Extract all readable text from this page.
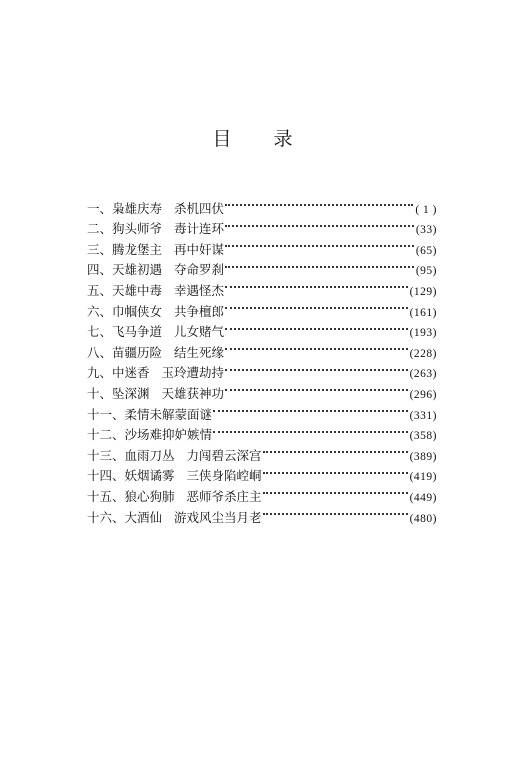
目 录
一、 枭雄庆寿 杀机四伏	( 1 )
二、 狗头师爷 毒计连环	(33)
三、 腾龙堡主 再中奸谋	(65)
四、 天雄初遇 夺命罗刹	(95)
五、 天雄中毒 幸遇怪杰	(129)
六、 巾帼侠女 共争檀郎	(161)
七、 飞马争道 儿女赌气	(193)
八、 苗疆历险 结生死缘	(228)
九、 中迷香 玉玲遭劫持	(263)
十、 坠深渊 天雄获神功	(296)
十一、 柔情未解蒙面谜	(331)
十二、 沙场难抑妒嫉情	(358)
十三、 血雨刀丛 力闯碧云深宫	(389)
十四、 妖烟谲雾 三侠身陷崆峒	(419)
十五、 狼心狗肺 恶师爷杀庄主	(449)
十六、 大酒仙 游戏风尘当月老	(480)
